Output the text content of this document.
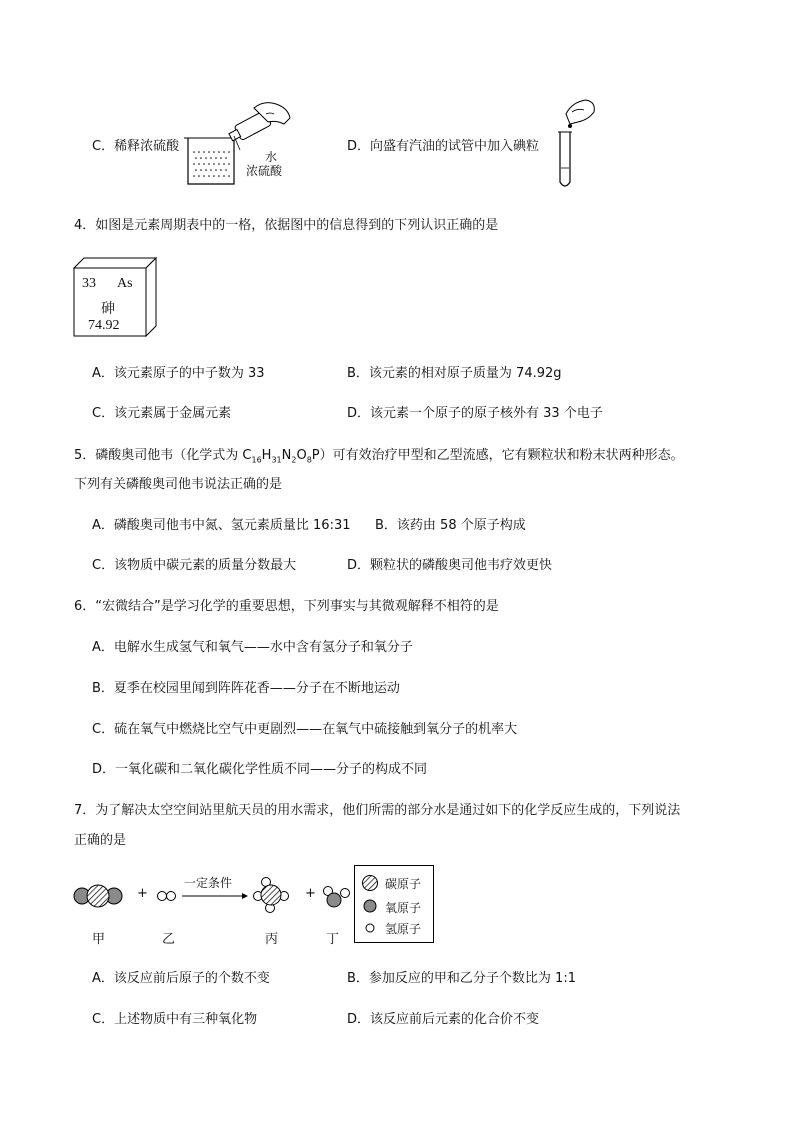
C．稀释浓硫酸
水
浓硫酸
D．向盛有汽油的试管中加入碘粒
4．如图是元素周期表中的一格，依据图中的信息得到的下列认识正确的是
33 As
砷
74.92
A．该元素原子的中子数为 33	B．该元素的相对原子质量为 74.92g
C．该元素属于金属元素	D．该元素一个原子的原子核外有 33 个电子
5．磷酸奥司他韦（化学式为 $C_{16}H_{31}N_2O_8P$）可有效治疗甲型和乙型流感，它有颗粒状和粉末状两种形态。
下列有关磷酸奥司他韦说法正确的是
A．磷酸奥司他韦中氮、氢元素质量比 16:31 B．该药由 58 个原子构成
C．该物质中碳元素的质量分数最大	D．颗粒状的磷酸奥司他韦疗效更快
6．“宏微结合”是学习化学的重要思想，下列事实与其微观解释不相符的是
A．电解水生成氢气和氧气——水中含有氢分子和氧分子
B．夏季在校园里闻到阵阵花香——分子在不断地运动
C．硫在氧气中燃烧比空气中更剧烈——在氧气中硫接触到氧分子的机率大
D．一氧化碳和二氧化碳化学性质不同——分子的构成不同
7．为了解决太空空间站里航天员的用水需求，他们所需的部分水是通过如下的化学反应生成的，下列说法
正确的是
+
一定条件
+
甲	乙	丙	丁
碳原子
氧原子
氢原子
A．该反应前后原子的个数不变	B．参加反应的甲和乙分子个数比为 1:1
C．上述物质中有三种氧化物	D．该反应前后元素的化合价不变
